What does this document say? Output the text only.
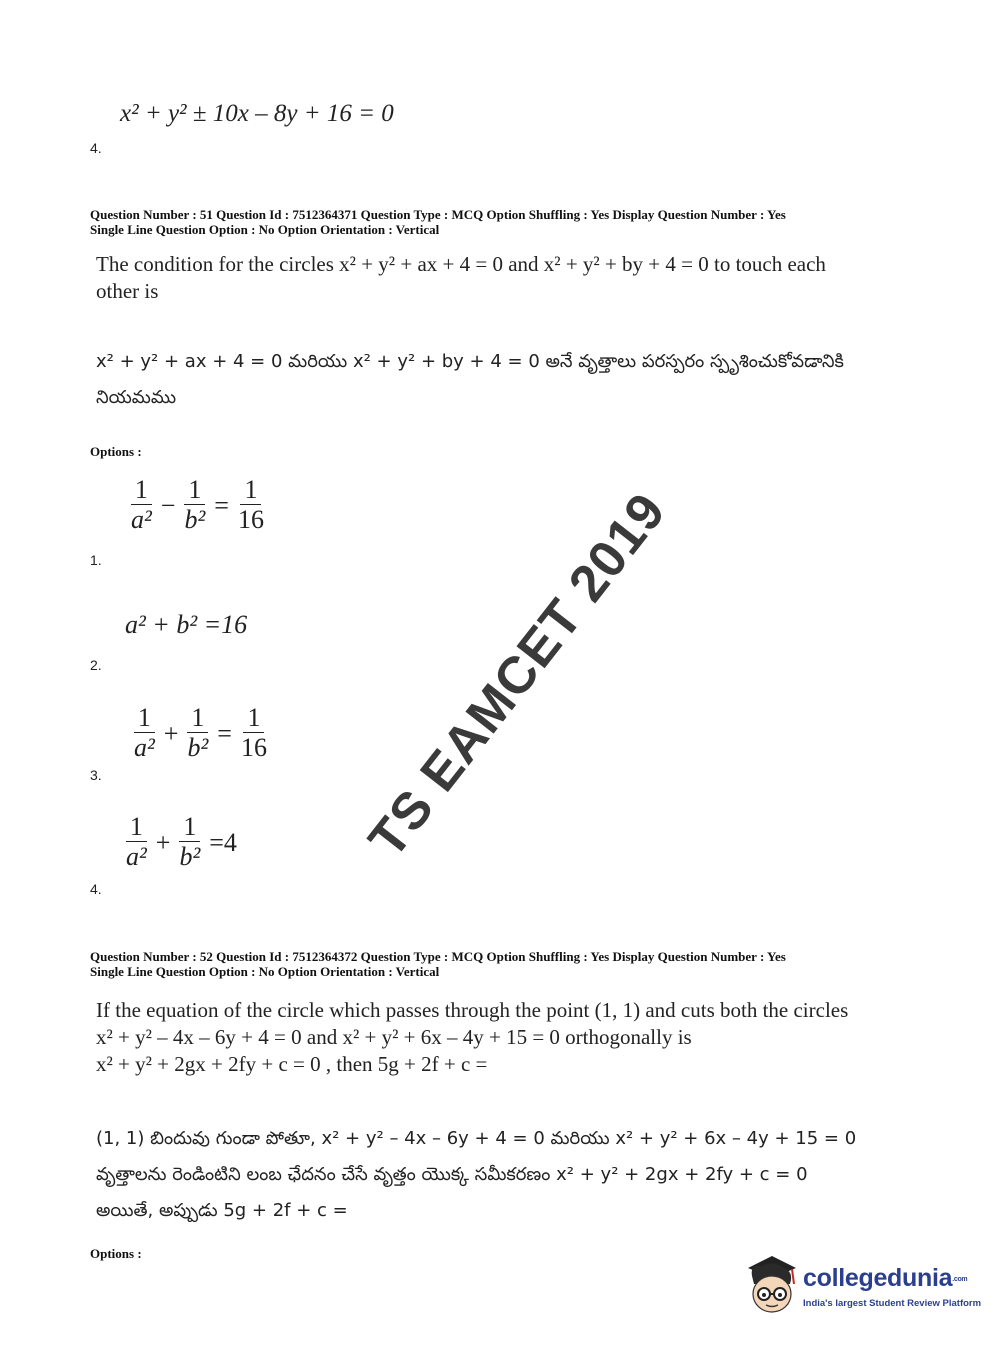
x² + y² ± 10x – 8y + 16 = 0
4.
Question Number : 51 Question Id : 7512364371 Question Type : MCQ Option Shuffling : Yes Display Question Number : Yes
Single Line Question Option : No Option Orientation : Vertical
The condition for the circles x² + y² + ax + 4 = 0 and x² + y² + by + 4 = 0 to touch each
other is
x² + y² + ax + 4 = 0 మరియు x² + y² + by + 4 = 0 అనే వృత్తాలు పరస్పరం స్పృశించుకోవడానికి
నియమము
Options :
$\frac{1}{\text{a²}} - \frac{1}{\text{b²}} = \frac{1}{16}$
1.
a² + b² =16
2.
$\frac{1}{\text{a²}} + \frac{1}{\text{b²}} = \frac{1}{16}$
3.
$\frac{1}{\text{a²}} + \frac{1}{\text{b²}} =4$
4.
TS EAMCET 2019
Question Number : 52 Question Id : 7512364372 Question Type : MCQ Option Shuffling : Yes Display Question Number : Yes
Single Line Question Option : No Option Orientation : Vertical
If the equation of the circle which passes through the point (1, 1) and cuts both the circles
x² + y² – 4x – 6y + 4 = 0 and x² + y² + 6x – 4y + 15 = 0 orthogonally is
x² + y² + 2gx + 2fy + c = 0 , then 5g + 2f + c =
(1, 1) బిందువు గుండా పోతూ, x² + y² – 4x – 6y + 4 = 0 మరియు x² + y² + 6x – 4y + 15 = 0
వృత్తాలను రెండింటిని లంబ ఛేదనం చేసే వృత్తం యొక్క సమీకరణం x² + y² + 2gx + 2fy + c = 0
అయితే, అప్పుడు 5g + 2f + c =
Options :
collegedunia.com
India's largest Student Review Platform
